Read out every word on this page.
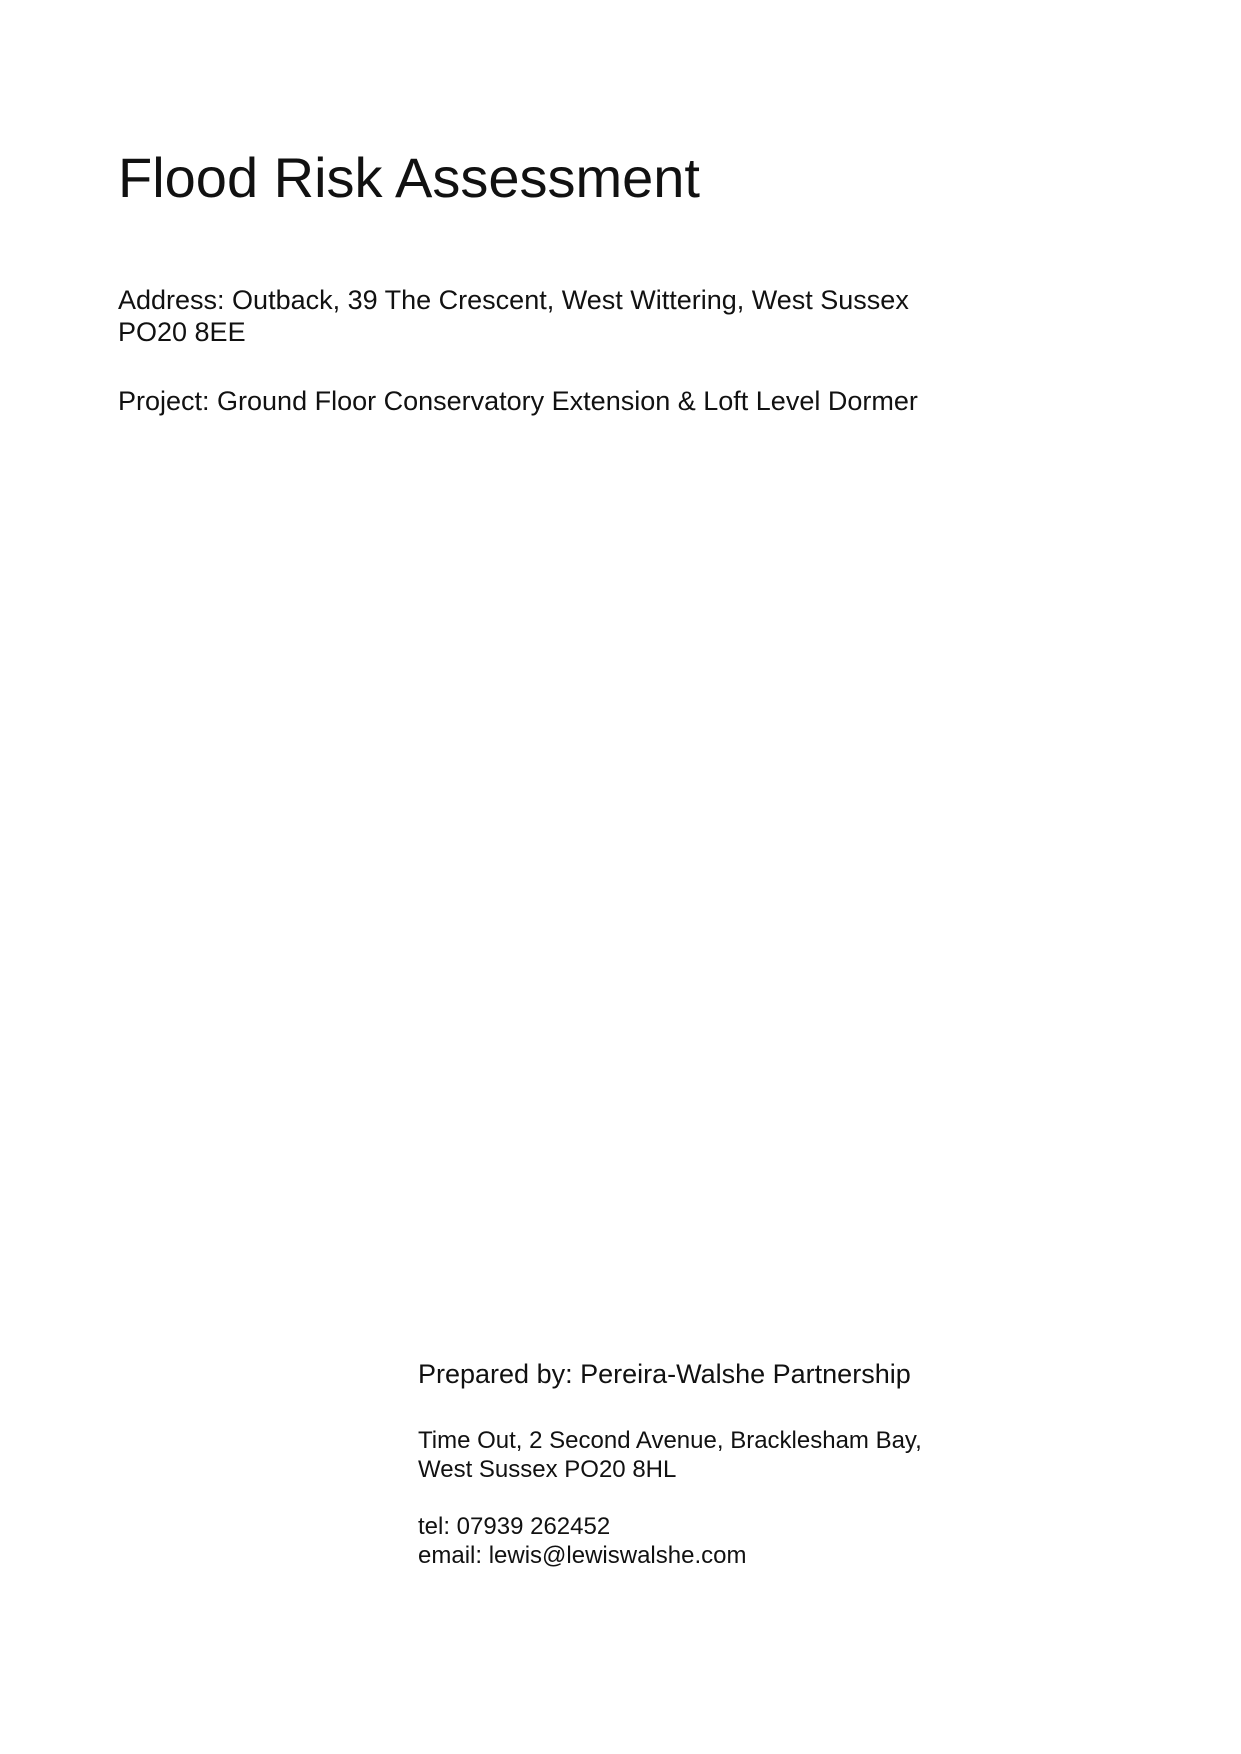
Flood Risk Assessment
Address: Outback, 39 The Crescent, West Wittering, West Sussex
PO20 8EE
Project: Ground Floor Conservatory Extension & Loft Level Dormer
Prepared by: Pereira-Walshe Partnership
Time Out, 2 Second Avenue, Bracklesham Bay,
West Sussex PO20 8HL
tel: 07939 262452
email: lewis@lewiswalshe.com
